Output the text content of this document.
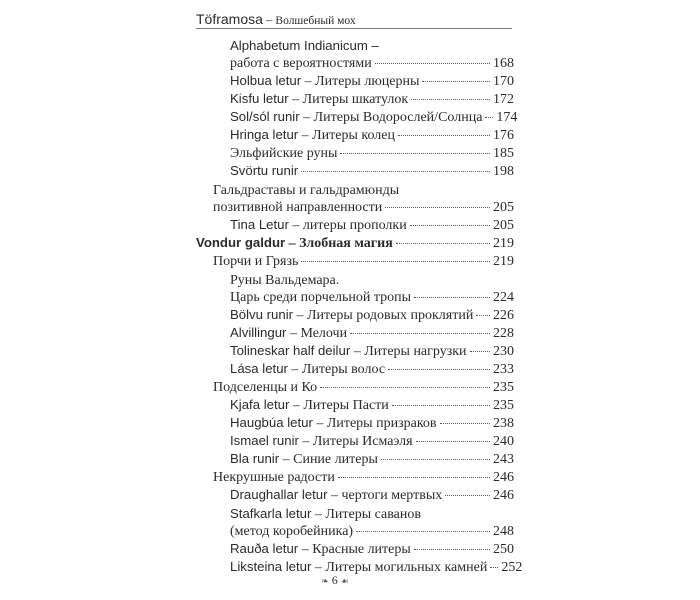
Töframosa – Волшебный мох
Alphabetum Indianicum –
работа с вероятностями	168
Holbua letur – Литеры люцерны	170
Kisfu letur – Литеры шкатулок	172
Sol/sól runir – Литеры Водорослей/Солнца 174
Hringa letur – Литеры колец	176
Эльфийские руны	185
Svörtu runir	198
Гальдраставы и гальдрамюнды
позитивной направленности	205
Tina Letur – литеры прополки	205
Vondur galdur – Злобная магия	219
Порчи и Грязь	219
Руны Вальдемара.
Царь среди порчельной тропы	224
Bölvu runir – Литеры родовых проклятий 226
Alvillingur – Мелочи	228
Tolineskar half deilur – Литеры нагрузки 230
Lása letur – Литеры волос	233
Подселенцы и Ко	235
Kjafa letur – Литеры Пасти	235
Haugbúa letur – Литеры призраков	238
Ismael runir – Литеры Исмаэля	240
Bla runir – Синие литеры	243
Некрушные радости	246
Draughallar letur – чертоги мертвых	246
Stafkarla letur – Литеры саванов
(метод коробейника)	248
Rauða letur – Красные литеры	250
Liksteina letur – Литеры могильных камней 252
❧ 6 ☙
